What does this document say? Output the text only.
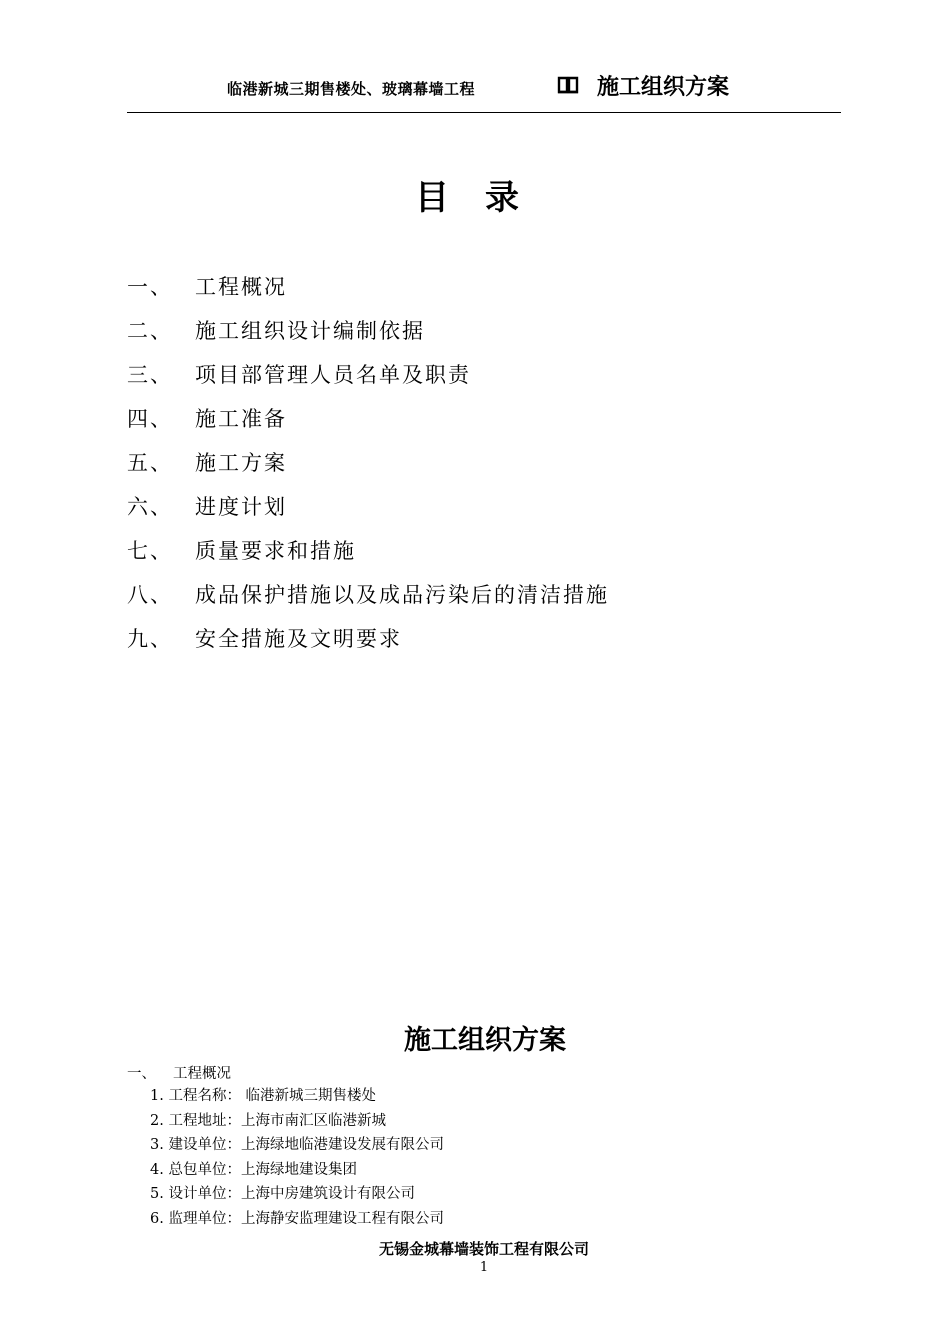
临港新城三期售楼处、玻璃幕墙工程	施工组织方案
目录
一、 工程概况
二、 施工组织设计编制依据
三、 项目部管理人员名单及职责
四、 施工准备
五、 施工方案
六、 进度计划
七、 质量要求和措施
八、 成品保护措施以及成品污染后的清洁措施
九、 安全措施及文明要求
施工组织方案
一、 工程概况
1. 工程名称： 临港新城三期售楼处
2. 工程地址：上海市南汇区临港新城
3. 建设单位：上海绿地临港建设发展有限公司
4. 总包单位：上海绿地建设集团
5. 设计单位：上海中房建筑设计有限公司
6. 监理单位：上海静安监理建设工程有限公司
无锡金城幕墙装饰工程有限公司
1
